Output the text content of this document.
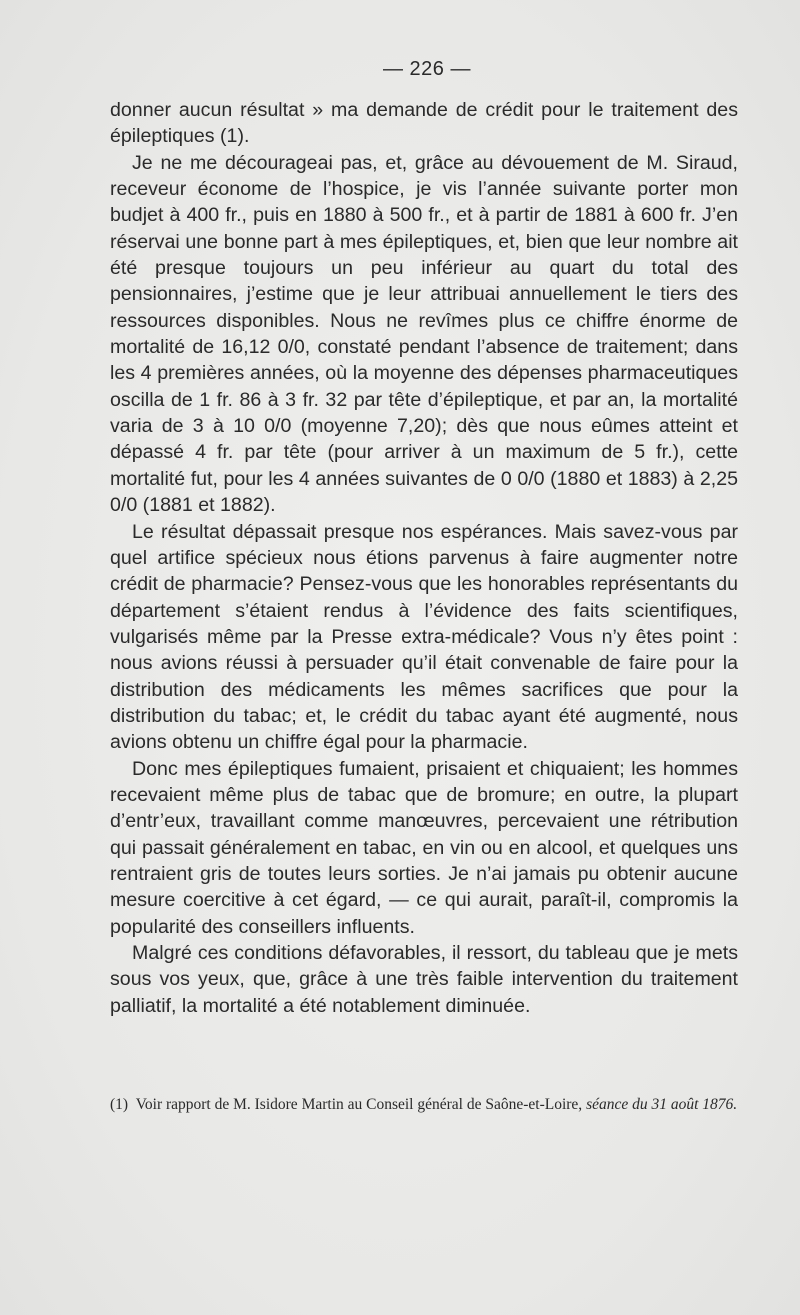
— 226 —

donner aucun résultat » ma demande de crédit pour le traitement des épileptiques (1).

Je ne me décourageai pas, et, grâce au dévouement de M. Siraud, receveur économe de l’hospice, je vis l’année suivante porter mon budjet à 400 fr., puis en 1880 à 500 fr., et à partir de 1881 à 600 fr. J’en réservai une bonne part à mes épileptiques, et, bien que leur nombre ait été presque toujours un peu inférieur au quart du total des pensionnaires, j’estime que je leur attribuai annuellement le tiers des ressources disponibles. Nous ne revîmes plus ce chiffre énorme de mortalité de 16,12 0/0, constaté pendant l’absence de traitement; dans les 4 premières années, où la moyenne des dépenses pharmaceutiques oscilla de 1 fr. 86 à 3 fr. 32 par tête d’épileptique, et par an, la mortalité varia de 3 à 10 0/0 (moyenne 7,20); dès que nous eûmes atteint et dépassé 4 fr. par tête (pour arriver à un maximum de 5 fr.), cette mortalité fut, pour les 4 années suivantes de 0 0/0 (1880 et 1883) à 2,25 0/0 (1881 et 1882).

Le résultat dépassait presque nos espérances. Mais savez-vous par quel artifice spécieux nous étions parvenus à faire augmenter notre crédit de pharmacie? Pensez-vous que les honorables représentants du département s’étaient rendus à l’évidence des faits scientifiques, vulgarisés même par la Presse extra-médicale? Vous n’y êtes point : nous avions réussi à persuader qu’il était convenable de faire pour la distribution des médicaments les mêmes sacrifices que pour la distribution du tabac; et, le crédit du tabac ayant été augmenté, nous avions obtenu un chiffre égal pour la pharmacie.

Donc mes épileptiques fumaient, prisaient et chiquaient; les hommes recevaient même plus de tabac que de bromure; en outre, la plupart d’entr’eux, travaillant comme manœuvres, percevaient une rétribution qui passait généralement en tabac, en vin ou en alcool, et quelques uns rentraient gris de toutes leurs sorties. Je n’ai jamais pu obtenir aucune mesure coercitive à cet égard, — ce qui aurait, paraît-il, compromis la popularité des conseillers influents.

Malgré ces conditions défavorables, il ressort, du tableau que je mets sous vos yeux, que, grâce à une très faible intervention du traitement palliatif, la mortalité a été notablement diminuée.

(1) Voir rapport de M. Isidore Martin au Conseil général de Saône-et-Loire, séance du 31 août 1876.
